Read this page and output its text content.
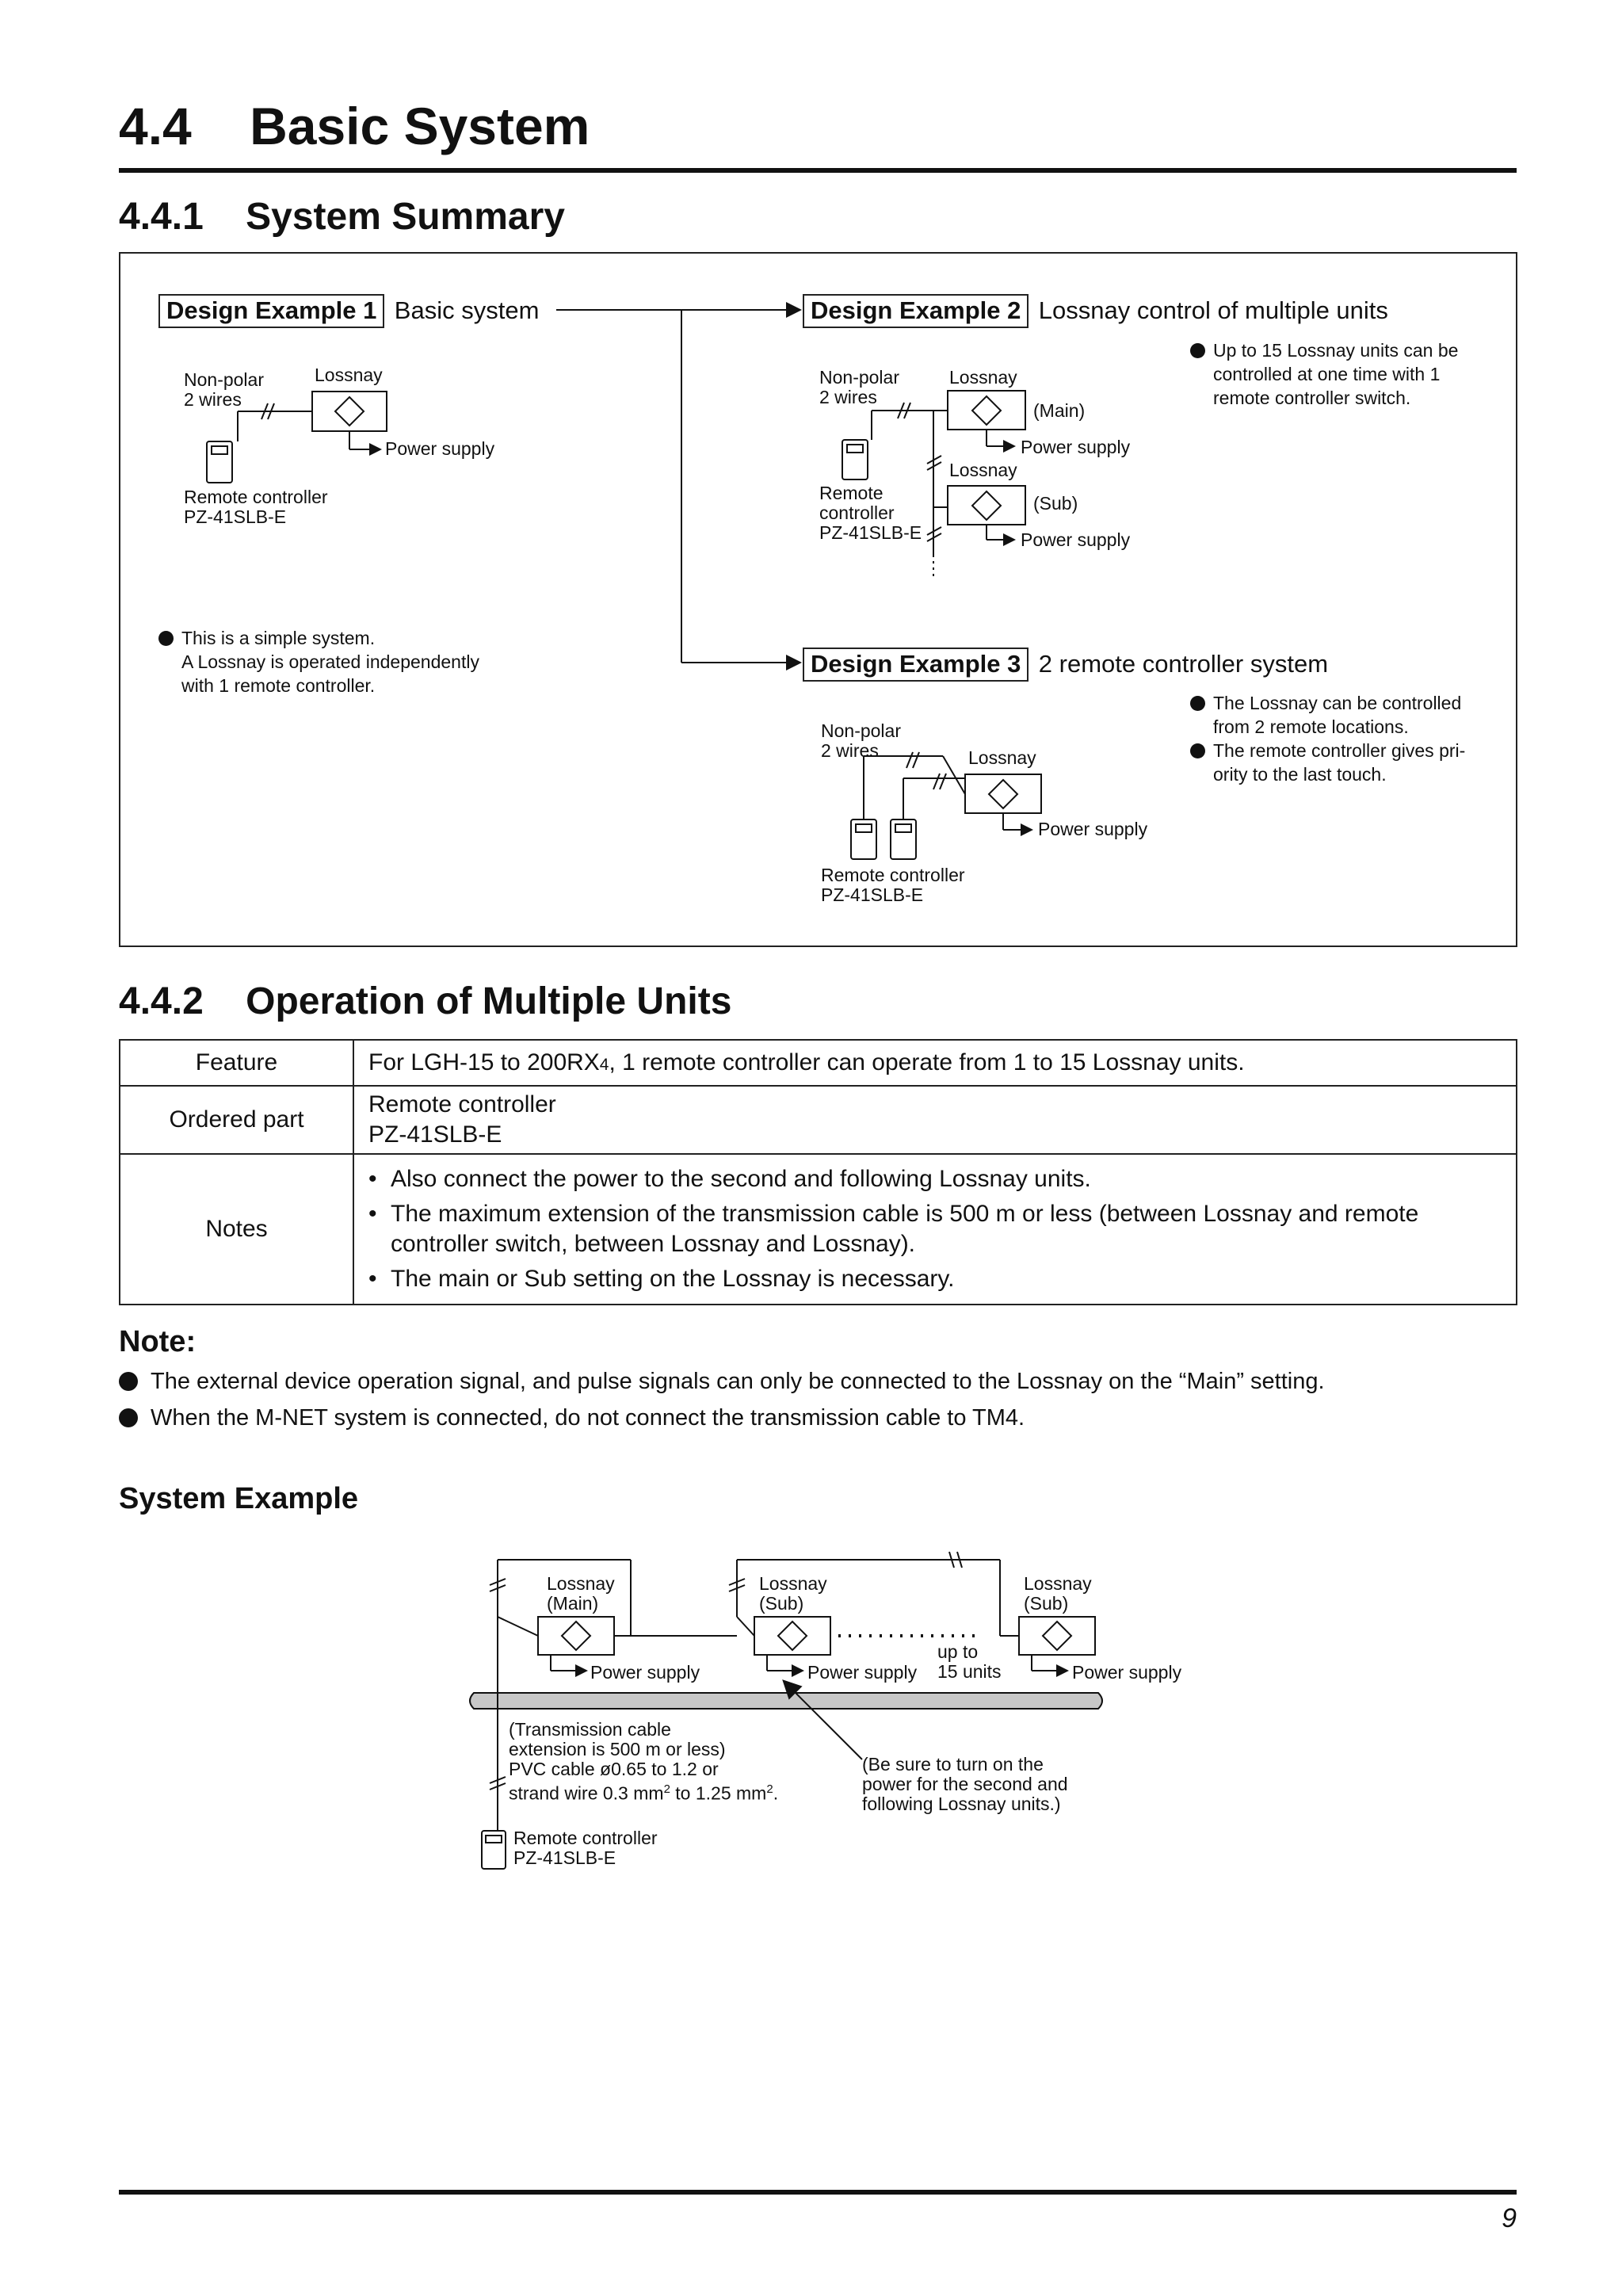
4.4 Basic System
4.4.1 System Summary
Design Example 1 Basic system
Non-polar
2 wires
Lossnay
Power supply
Remote controller
PZ-41SLB-E
This is a simple system.
A Lossnay is operated independently
with 1 remote controller.
Design Example 2 Lossnay control of multiple units
Non-polar
2 wires
Lossnay
(Main)
Power supply
Lossnay
(Sub)
Power supply
Remote
controller
PZ-41SLB-E
Up to 15 Lossnay units can be
controlled at one time with 1
remote controller switch.
Design Example 3 2 remote controller system
Non-polar
2 wires	Lossnay
Power supply
Remote controller
PZ-41SLB-E
The Lossnay can be controlled
from 2 remote locations.
The remote controller gives pri-
ority to the last touch.
4.4.2 Operation of Multiple Units
Feature	For LGH-15 to 200RX4, 1 remote controller can operate from 1 to 15 Lossnay units.
Ordered part	Remote controller
PZ-41SLB-E
Notes	• Also connect the power to the second and following Lossnay units.
• The maximum extension of the transmission cable is 500 m or less (between Lossnay and remote
controller switch, between Lossnay and Lossnay).
• The main or Sub setting on the Lossnay is necessary.
Note:
The external device operation signal, and pulse signals can only be connected to the Lossnay on the “Main” setting.
When the M-NET system is connected, do not connect the transmission cable to TM4.
System Example
Lossnay
(Main)
Lossnay
(Sub)
Lossnay
(Sub)
Power supply	Power supply	Power supply
up to
15 units
(Transmission cable
extension is 500 m or less)
PVC cable ø0.65 to 1.2 or
strand wire 0.3 $mm^2$ to 1.25 $mm^2$.
(Be sure to turn on the
power for the second and
following Lossnay units.)
Remote controller
PZ-41SLB-E
9
